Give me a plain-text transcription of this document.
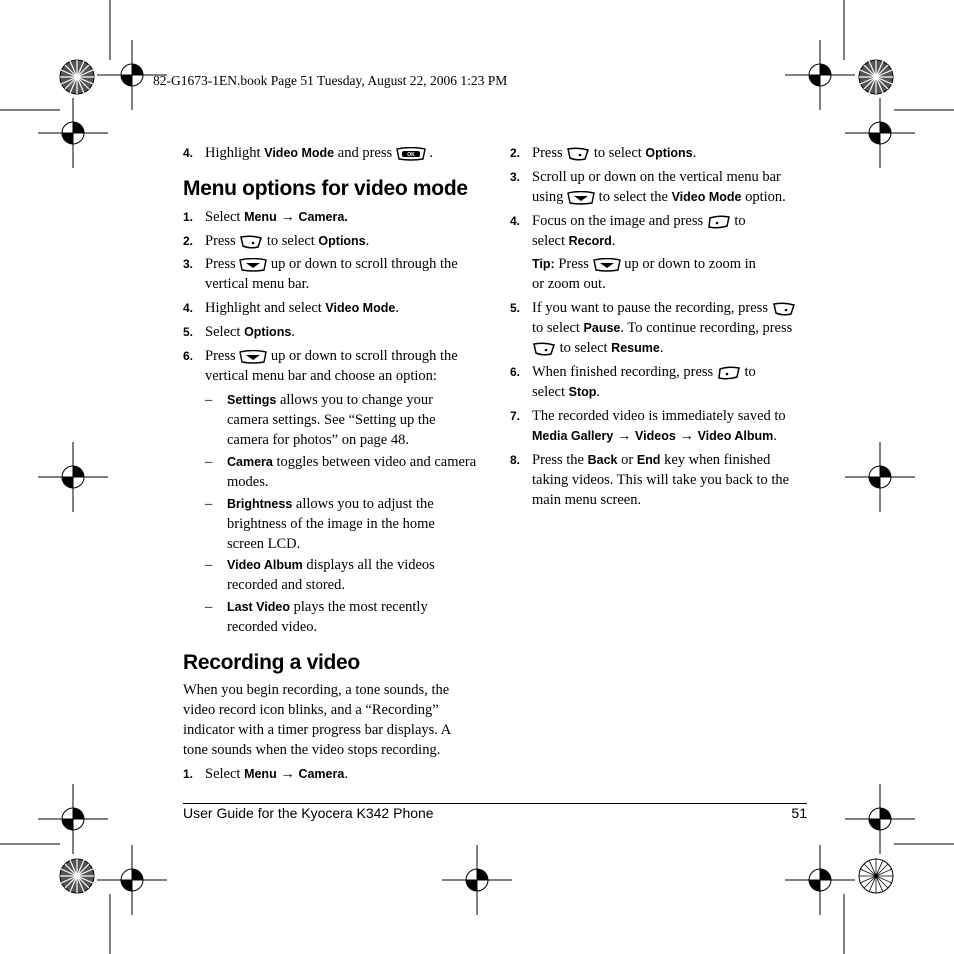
82-G1673-1EN.book Page 51 Tuesday, August 22, 2006 1:23 PM
4. Highlight Video Mode and press OK .
Menu options for video mode
1. Select Menu → Camera.
2. Press  to select Options.
3. Press  up or down to scroll through the
vertical menu bar.
4. Highlight and select Video Mode.
5. Select Options.
6. Press  up or down to scroll through the
vertical menu bar and choose an option:
– Settings allows you to change your
camera settings. See “Setting up the
camera for photos” on page 48.
– Camera toggles between video and camera
modes.
– Brightness allows you to adjust the
brightness of the image in the home
screen LCD.
– Video Album displays all the videos
recorded and stored.
– Last Video plays the most recently
recorded video.
Recording a video
When you begin recording, a tone sounds, the
video record icon blinks, and a “Recording”
indicator with a timer progress bar displays. A
tone sounds when the video stops recording.
1. Select Menu → Camera.
2. Press  to select Options.
3. Scroll up or down on the vertical menu bar
using  to select the Video Mode option.
4. Focus on the image and press  to
select Record.
Tip: Press  up or down to zoom in
or zoom out.
5. If you want to pause the recording, press
to select Pause. To continue recording, press
to select Resume.
6. When finished recording, press  to
select Stop.
7. The recorded video is immediately saved to
Media Gallery → Videos → Video Album.
8. Press the Back or End key when finished
taking videos. This will take you back to the
main menu screen.
User Guide for the Kyocera K342 Phone	51
